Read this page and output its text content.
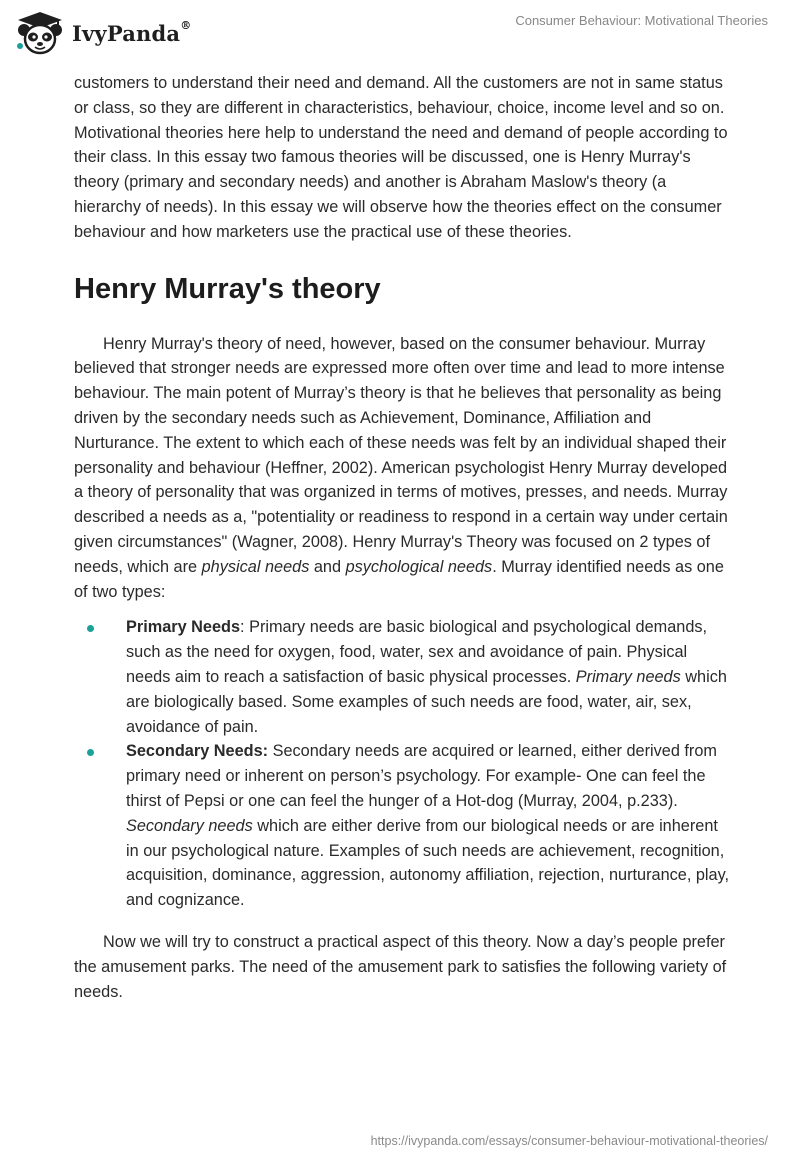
IvyPanda®	Consumer Behaviour: Motivational Theories

customers to understand their need and demand. All the customers are not in same status or class, so they are different in characteristics, behaviour, choice, income level and so on. Motivational theories here help to understand the need and demand of people according to their class. In this essay two famous theories will be discussed, one is Henry Murray's theory (primary and secondary needs) and another is Abraham Maslow's theory (a hierarchy of needs). In this essay we will observe how the theories effect on the consumer behaviour and how marketers use the practical use of these theories.

Henry Murray's theory

Henry Murray's theory of need, however, based on the consumer behaviour. Murray believed that stronger needs are expressed more often over time and lead to more intense behaviour. The main potent of Murray’s theory is that he believes that personality as being driven by the secondary needs such as Achievement, Dominance, Affiliation and Nurturance. The extent to which each of these needs was felt by an individual shaped their personality and behaviour (Heffner, 2002). American psychologist Henry Murray developed a theory of personality that was organized in terms of motives, presses, and needs. Murray described a needs as a, "potentiality or readiness to respond in a certain way under certain given circumstances" (Wagner, 2008). Henry Murray's Theory was focused on 2 types of needs, which are physical needs and psychological needs. Murray identified needs as one of two types:

Primary Needs: Primary needs are basic biological and psychological demands, such as the need for oxygen, food, water, sex and avoidance of pain. Physical needs aim to reach a satisfaction of basic physical processes. Primary needs which are biologically based. Some examples of such needs are food, water, air, sex, avoidance of pain.
Secondary Needs: Secondary needs are acquired or learned, either derived from primary need or inherent on person’s psychology. For example- One can feel the thirst of Pepsi or one can feel the hunger of a Hot-dog (Murray, 2004, p.233). Secondary needs which are either derive from our biological needs or are inherent in our psychological nature. Examples of such needs are achievement, recognition, acquisition, dominance, aggression, autonomy affiliation, rejection, nurturance, play, and cognizance.

Now we will try to construct a practical aspect of this theory. Now a day’s people prefer the amusement parks. The need of the amusement park to satisfies the following variety of needs.

https://ivypanda.com/essays/consumer-behaviour-motivational-theories/
